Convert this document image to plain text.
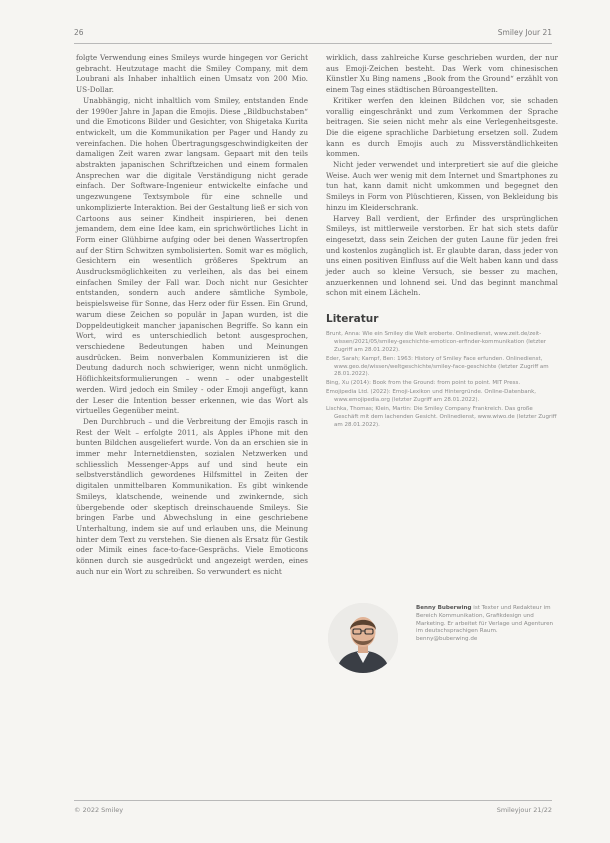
26	Smiley Jour 21

folgte Verwendung eines Smileys wurde hingegen vor Gericht gebracht. Heutzutage macht die Smiley Company, mit dem Loubrani als Inhaber inhaltlich einen Umsatz von 200 Mio. US-Dollar.

Unabhängig, nicht inhaltlich vom Smiley, entstanden Ende der 1990er Jahre in Japan die Emojis. Diese „Bildbuchstaben“ und die Emoticons Bilder und Gesichter, von Shigetaka Kurita entwickelt, um die Kommunikation per Pager und Handy zu vereinfachen. Die hohen Übertragungsgeschwindigkeiten der damaligen Zeit waren zwar langsam. Gepaart mit den teils abstrakten japanischen Schriftzeichen und einem formalen Ansprechen war die digitale Verständigung nicht gerade einfach. Der Software-Ingenieur entwickelte einfache und ungezwungene Textsymbole für eine schnelle und unkomplizierte Interaktion. Bei der Gestaltung ließ er sich von Cartoons aus seiner Kindheit inspirieren, bei denen jemandem, dem eine Idee kam, ein sprichwörtliches Licht in Form einer Glühbirne aufging oder bei denen Wassertropfen auf der Stirn Schwitzen symbolisierten. Somit war es möglich, Gesichtern ein wesentlich größeres Spektrum an Ausdrucksmöglichkeiten zu verleihen, als das bei einem einfachen Smiley der Fall war. Doch nicht nur Gesichter entstanden, sondern auch andere sämtliche Symbole, beispielsweise für Sonne, das Herz oder für Essen. Ein Grund, warum diese Zeichen so populär in Japan wurden, ist die Doppeldeutigkeit mancher japanischen Begriffe. So kann ein Wort, wird es unterschiedlich betont ausgesprochen, verschiedene Bedeutungen haben und Meinungen ausdrücken. Beim nonverbalen Kommunizieren ist die Deutung dadurch noch schwieriger, wenn nicht unmöglich. Höflichkeitsformulierungen – wenn – oder unabgestellt werden. Wird jedoch ein Smiley - oder Emoji angefügt, kann der Leser die Intention besser erkennen, wie das Wort als virtuelles Gegenüber meint.

Den Durchbruch – und die Verbreitung der Emojis rasch in Rest der Welt – erfolgte 2011, als Apples iPhone mit den bunten Bildchen ausgeliefert wurde. Von da an erschien sie in immer mehr Internetdiensten, sozialen Netzwerken und schliesslich Messenger-Apps auf und sind heute ein selbstverständlich gewordenes Hilfsmittel in Zeiten der digitalen unmittelbaren Kommunikation. Es gibt winkende Smileys, klatschende, weinende und zwinkernde, sich übergebende oder skeptisch dreinschauende Smileys. Sie bringen Farbe und Abwechslung in eine geschriebene Unterhaltung, indem sie auf und erlauben uns, die Meinung hinter dem Text zu verstehen. Sie dienen als Ersatz für Gestik oder Mimik eines face-to-face-Gesprächs. Viele Emoticons können durch sie ausgedrückt und angezeigt werden, eines auch nur ein Wort zu schreiben. So verwundert es nicht

wirklich, dass zahlreiche Kurse geschrieben wurden, der nur aus Emoji-Zeichen besteht. Das Werk vom chinesischen Künstler Xu Bing namens „Book from the Ground“ erzählt von einem Tag eines städtischen Büroangestellten.

Kritiker werfen den kleinen Bildchen vor, sie schaden vorallig eingeschränkt und zum Verkommen der Sprache beitragen. Sie seien nicht mehr als eine Verlegenheitsgeste. Die die eigene sprachliche Darbietung ersetzen soll. Zudem kann es durch Emojis auch zu Missverständlichkeiten kommen.

Nicht jeder verwendet und interpretiert sie auf die gleiche Weise. Auch wer wenig mit dem Internet und Smartphones zu tun hat, kann damit nicht umkommen und begegnet den Smileys in Form von Plüschtieren, Kissen, von Bekleidung bis hinzu im Kleiderschrank.

Harvey Ball verdient, der Erfinder des ursprünglichen Smileys, ist mittlerweile verstorben. Er hat sich stets dafür eingesetzt, dass sein Zeichen der guten Laune für jeden frei und kostenlos zugänglich ist. Er glaubte daran, dass jeder von uns einen positiven Einfluss auf die Welt haben kann und dass jeder auch so kleine Versuch, sie besser zu machen, anzuerkennen und lohnend sei. Und das beginnt manchmal schon mit einem Lächeln.

Literatur

Brunt, Anna: Wie ein Smiley die Welt eroberte. Onlinedienst, www.zeit.de/zeit-wissen/2021/05/smiley-geschichte-emoticon-erfinder-kommunikation (letzter Zugriff am 28.01.2022).

Eder, Sarah; Kampf, Ben: 1963: History of Smiley Face erfunden. Onlinedienst, www.geo.de/wissen/weltgeschichte/smiley-face-geschichte (letzter Zugriff am 28.01.2022).

Bing, Xu (2014): Book from the Ground: from point to point. MIT Press.

Emojipedia Ltd. (2022): Emoji-Lexikon und Hintergründe. Online-Datenbank, www.emojipedia.org (letzter Zugriff am 28.01.2022).

Lischka, Thomas; Klein, Martin: Die Smiley Company Frankreich. Das große Geschäft mit dem lachenden Gesicht. Onlinedienst, www.wiwo.de (letzter Zugriff am 28.01.2022).

Benny Buberwing ist Texter und Redakteur im Bereich Kommunikation, Grafikdesign und Marketing. Er arbeitet für Verlage und Agenturen im deutschsprachigen Raum.
benny@buberwing.de
© 2022 Smiley	Smileyjour 21/22
